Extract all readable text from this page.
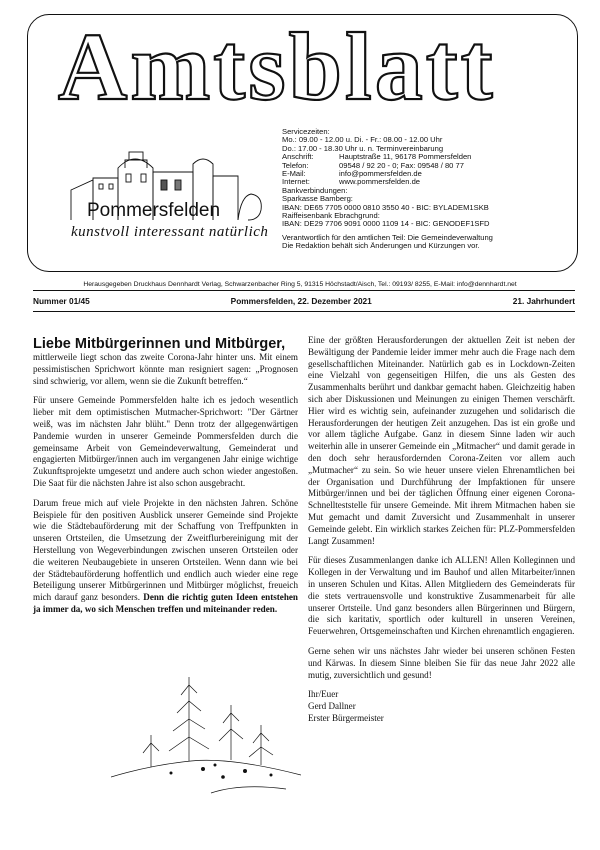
Amtsblatt
Pommersfelden
kunstvoll interessant natürlich
Servicezeiten:
Mo.: 09.00 - 12.00 u. Di. - Fr.: 08.00 - 12.00 Uhr
Do.: 17.00 - 18.30 Uhr u. n. Terminvereinbarung
Anschrift:	Hauptstraße 11, 96178 Pommersfelden
Telefon:	09548 / 92 20 - 0; Fax: 09548 / 80 77
E-Mail:	info@pommersfelden.de
Internet:	www.pommersfelden.de
Bankverbindungen:
Sparkasse Bamberg:
IBAN: DE65 7705 0000 0810 3550 40 - BIC: BYLADEM1SKB
Raiffeisenbank Ebrachgrund:
IBAN: DE29 7706 9091 0000 1109 14 - BIC: GENODEF1SFD
Verantwortlich für den amtlichen Teil: Die Gemeindeverwaltung
Die Redaktion behält sich Änderungen und Kürzungen vor.
Herausgegeben Druckhaus Dennhardt Verlag, Schwarzenbacher Ring 5, 91315 Höchstadt/Aisch, Tel.: 09193/ 8255, E-Mail: info@dennhardt.net
Nummer 01/45	Pommersfelden, 22. Dezember 2021	21. Jahrhundert
Liebe Mitbürgerinnen und Mitbürger,

mittlerweile liegt schon das zweite Corona-Jahr hinter uns. Mit einem pessimistischen Sprichwort könnte man resigniert sagen: „Prognosen sind schwierig, vor allem, wenn sie die Zukunft betreffen.“

Für unsere Gemeinde Pommersfelden halte ich es jedoch wesentlich lieber mit dem optimistischen Mutmacher-Sprichwort: "Der Gärtner weiß, was im nächsten Jahr blüht." Denn trotz der allgegenwärtigen Pandemie wurden in unserer Gemeinde Pommersfelden durch die gemeinsame Arbeit von Gemeindeverwaltung, Gemeinderat und engagierten Mitbürger/innen auch im vergangenen Jahr einige wichtige Zukunftsprojekte umgesetzt und andere auch schon wieder angestoßen. Die Saat für die nächsten Jahre ist also schon ausgebracht.

Darum freue mich auf viele Projekte in den nächsten Jahren. Schöne Beispiele für den positiven Ausblick unserer Gemeinde sind Projekte wie die Städtebauförderung mit der Schaffung von Treffpunkten in unseren Ortsteilen, die Umsetzung der Zweitflurbereinigung mit der Herstellung von Wegeverbindungen zwischen unseren Ortsteilen oder die weiteren Neubaugebiete in unseren Ortsteilen. Wenn dann wie bei der Städtebauförderung hoffentlich und endlich auch wieder eine rege Beteiligung unserer Mitbürgerinnen und Mitbürger möglichst, freueich mich darauf ganz besonders. Denn die richtig guten Ideen entstehen ja immer da, wo sich Menschen treffen und miteinander reden.

Eine der größten Herausforderungen der aktuellen Zeit ist neben der Bewältigung der Pandemie leider immer mehr auch die Frage nach dem gesellschaftlichen Miteinander. Natürlich gab es in Lockdown-Zeiten eine Vielzahl von gegenseitigen Hilfen, die uns als Gesten des Zusammenhalts berührt und dankbar gemacht haben. Gleichzeitig haben sich aber Diskussionen und Meinungen zu einigen Themen verschärft. Hier wird es wichtig sein, aufeinander zuzugehen und solidarisch die Herausforderungen der heutigen Zeit anzugehen. Das ist ein große und vor allem tägliche Aufgabe. Ganz in diesem Sinne laden wir auch weiterhin alle in unserer Gemeinde ein „Mitmacher“ und damit gerade in den doch sehr herausfordernden Corona-Zeiten vor allem auch „Mutmacher“ zu sein. So wie heuer unsere vielen Ehrenamtlichen bei der Organisation und Durchführung der Impfaktionen für unsere Mitbürger/innen und bei der täglichen Öffnung einer eigenen Corona-Schnellteststelle für unsere Gemeinde. Mit ihrem Mitmachen haben sie Mut gemacht und damit Zuversicht und Zusammenhalt in unserer Gemeinde gelebt. Ein wirklich starkes Zeichen für: PLZ-Pommersfelden Langt Zusammen!

Für dieses Zusammenlangen danke ich ALLEN! Allen Kolleginnen und Kollegen in der Verwaltung und im Bauhof und allen Mitarbeiter/innen in unseren Schulen und Kitas. Allen Mitgliedern des Gemeinderats für die stets vertrauensvolle und konstruktive Zusammenarbeit für alle unserer Ortsteile. Und ganz besonders allen Bürgerinnen und Bürgern, die sich karitativ, sportlich oder kulturell in unseren Vereinen, Feuerwehren, Ortsgemeinschaften und Kirchen ehrenamtlich engagieren.

Gerne sehen wir uns nächstes Jahr wieder bei unseren schönen Festen und Kärwas. In diesem Sinne bleiben Sie für das neue Jahr 2022 alle mutig, zuversichtlich und gesund!

Ihr/Euer
Gerd Dallner
Erster Bürgermeister
